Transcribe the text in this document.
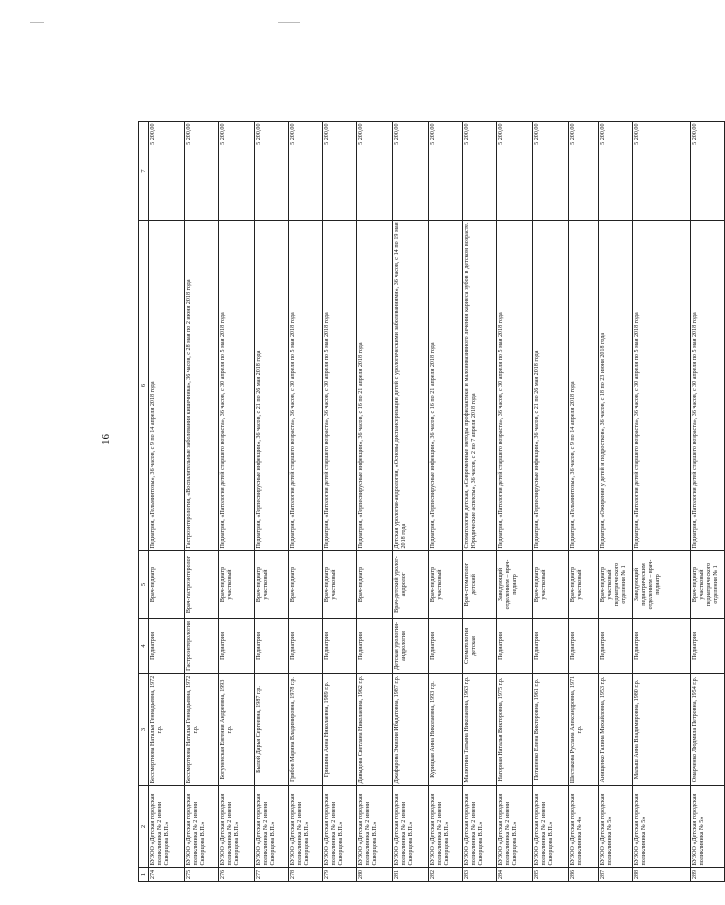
16
1	2	3	4	5	6	7
274	БУЗОО «Детская городская поликлиника № 2 имени Скворцова В.П.»	Бессмертнова Наталья Геннадьевна, 1972 г.р.	Педиатрия	Врач-педиатр	Педиатрия, «Гельминтозы», 36 часов, с 9 по 14 апреля 2018 года	5 200,00
275	БУЗОО «Детская городская поликлиника № 2 имени Скворцова В.П.»	Бессмертнова Наталья Геннадьевна, 1972 г.р.	Гастроэнтерология	Врач-гастроэнтеролог	Гастроэнтерология, «Воспалительные заболевания кишечника», 36 часов, с 28 мая по 2 июня 2018 года	5 200,00
276	БУЗОО «Детская городская поликлиника № 2 имени Скворцова В.П.»	Богуненская Евгения Андреевна, 1993 г.р.	Педиатрия	Врач-педиатр участковый	Педиатрия, «Патология детей старшего возраста», 36 часов, с 30 апреля по 5 мая 2018 года	5 200,00
277	БУЗОО «Детская городская поликлиника № 2 имени Скворцова В.П.»	Былой Дарья Сергеевна, 1987 г.р.	Педиатрия	Врач-педиатр участковый	Педиатрия, «Герпесвирусные инфекции», 36 часов, с 21 по 26 мая 2018 года	5 200,00
278	БУЗОО «Детская городская поликлиника № 2 имени Скворцова В.П.»	Грибов Марина Владимировна, 1978 г.р.	Педиатрия	Врач-педиатр	Педиатрия, «Патология детей старшего возраста», 36 часов, с 30 апреля по 5 мая 2018 года	5 200,00
279	БУЗОО «Детская городская поликлиника № 2 имени Скворцова В.П.»	Гришина Анна Николаевна, 1989 г.р.	Педиатрия	Врач-педиатр участковый	Педиатрия, «Патология детей старшего возраста», 36 часов, с 30 апреля по 5 мая 2018 года	5 200,00
280	БУЗОО «Детская городская поликлиника № 2 имени Скворцова В.П.»	Давыдова Светлана Николаевна, 1962 г.р.	Педиатрия	Врач-педиатр	Педиатрия, «Герпесвирусные инфекции», 36 часов, с 16 по 21 апреля 2018 года	5 200,00
281	БУЗОО «Детская городская поликлиника № 2 имени Скворцова В.П.»	Джафарова Эмилия Ибадатовна, 1987 г.р.	Детская урология-андрология	Врач-детский уролог-андролог	Детская урология-андрология, «Основы диспансеризации детей с урологическими заболеваниями», 36 часов, с 14 по 19 мая 2018 года	5 200,00
282	БУЗОО «Детская городская поликлиника № 2 имени Скворцова В.П.»	Курицкая Анна Николаевна, 1993 г.р.	Педиатрия	Врач-педиатр участковый	Педиатрия, «Герпесвирусные инфекции», 36 часов, с 16 по 21 апреля 2018 года	5 200,00
283	БУЗОО «Детская городская поликлиника № 2 имени Скворцова В.П.»	Малютина Татьяна Николаевна, 1963 г.р.	Стоматология детская	Врач-стоматолог детский	Стоматология детская, «Современные методы профилактики и малоинвазивного лечения кариеса зубов в детском возрасте. Юридические аспекты», 36 часов, с 2 по 7 апреля 2018 года	5 200,00
284	БУЗОО «Детская городская поликлиника № 2 имени Скворцова В.П.»	Нагорная Наталья Викторовна, 1975 г.р.	Педиатрия	Заведующий отделением – врач-педиатр	Педиатрия, «Патология детей старшего возраста», 36 часов, с 30 апреля по 5 мая 2018 года	5 200,00
285	БУЗОО «Детская городская поликлиника № 2 имени Скворцова В.П.»	Потапенко Елена Викторовна, 1961 г.р.	Педиатрия	Врач-педиатр участковый	Педиатрия, «Герпесвирусные инфекции», 36 часов, с 21 по 26 мая 2018 года	5 200,00
286	БУЗОО «Детская городская поликлиника № 4»	Шестакова Руслана Александровна, 1971 г.р.	Педиатрия	Врач-педиатр участковый	Педиатрия, «Гельминтозы», 36 часов, с 9 по 14 апреля 2018 года	5 200,00
287	БУЗОО «Детская городская поликлиника № 5»	Анищенко Галина Михайловна, 1953 г.р.	Педиатрия	Врач-педиатр участковый педиатрического отделения № 1	Педиатрия, «Ожирение у детей и подростков», 36 часов, с 18 по 23 июня 2018 года	5 200,00
288	БУЗОО «Детская городская поликлиника № 5»	Малыш Анна Владимировна, 1980 г.р.	Педиатрия	Заведующий педиатрическим отделением – врач-педиатр	Педиатрия, «Патология детей старшего возраста», 36 часов, с 30 апреля по 5 мая 2018 года	5 200,00
289	БУЗОО «Детская городская поликлиника № 5»	Омарченко Людмила Петровна, 1954 г.р.	Педиатрия	Врач-педиатр участковый педиатрического отделения № 1	Педиатрия, «Патология детей старшего возраста», 36 часов, с 30 апреля по 5 мая 2018 года	5 200,00
